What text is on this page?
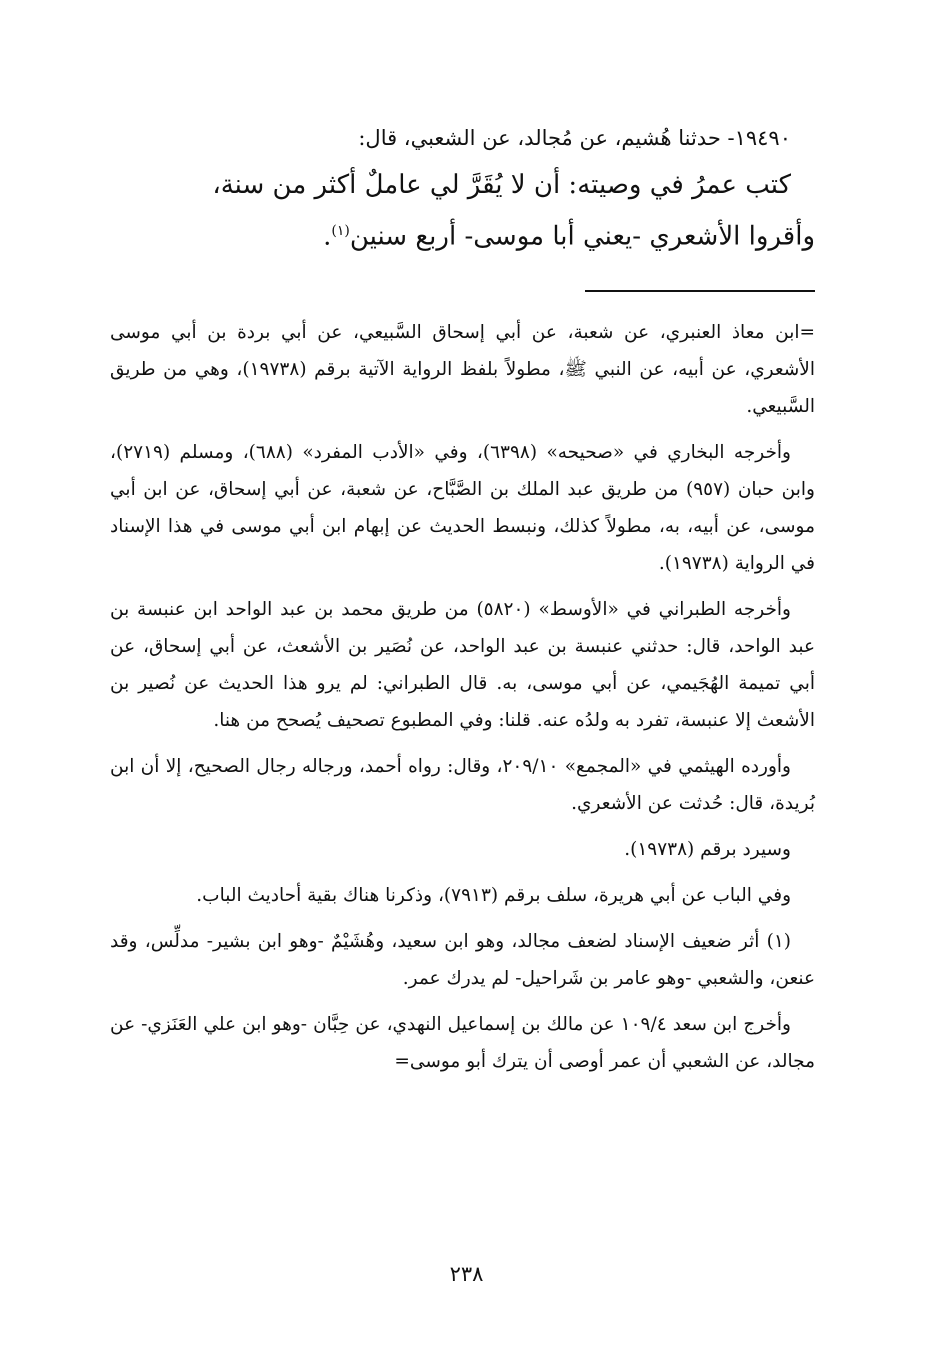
١٩٤٩٠- حدثنا هُشيم، عن مُجالد، عن الشعبي، قال:

كتب عمرُ في وصيته: أن لا يُقَرَّ لي عاملٌ أكثر من سنة،

وأقروا الأشعري -يعني أبا موسى- أربع سنين$^{(١)}$.

=ابن معاذ العنبري، عن شعبة، عن أبي إسحاق السَّبيعي، عن أبي بردة بن أبي موسى الأشعري، عن أبيه، عن النبي ﷺ، مطولاً بلفظ الرواية الآتية برقم (١٩٧٣٨)، وهي من طريق السَّبيعي.

وأخرجه البخاري في «صحيحه» (٦٣٩٨)، وفي «الأدب المفرد» (٦٨٨)، ومسلم (٢٧١٩)، وابن حبان (٩٥٧) من طريق عبد الملك بن الصَّبَّاح، عن شعبة، عن أبي إسحاق، عن ابن أبي موسى، عن أبيه، به، مطولاً كذلك، ونبسط الحديث عن إبهام ابن أبي موسى في هذا الإسناد في الرواية (١٩٧٣٨).

وأخرجه الطبراني في «الأوسط» (٥٨٢٠) من طريق محمد بن عبد الواحد ابن عنبسة بن عبد الواحد، قال: حدثني عنبسة بن عبد الواحد، عن نُصَير بن الأشعث، عن أبي إسحاق، عن أبي تميمة الهُجَيمي، عن أبي موسى، به. قال الطبراني: لم يرو هذا الحديث عن نُصير بن الأشعث إلا عنبسة، تفرد به ولدُه عنه. قلنا: وفي المطبوع تصحيف يُصحح من هنا.

وأورده الهيثمي في «المجمع» ٢٠٩/١٠، وقال: رواه أحمد، ورجاله رجال الصحيح، إلا أن ابن بُريدة، قال: حُدثت عن الأشعري.

وسيرد برقم (١٩٧٣٨).

وفي الباب عن أبي هريرة، سلف برقم (٧٩١٣)، وذكرنا هناك بقية أحاديث الباب.

(١) أثر ضعيف الإسناد لضعف مجالد، وهو ابن سعيد، وهُشَيْمٌ -وهو ابن بشير- مدلِّس، وقد عنعن، والشعبي -وهو عامر بن شَراحيل- لم يدرك عمر.

وأخرج ابن سعد ١٠٩/٤ عن مالك بن إسماعيل النهدي، عن حِبَّان -وهو ابن علي العَنَزي- عن مجالد، عن الشعبي أن عمر أوصى أن يترك أبو موسى=

٢٣٨
